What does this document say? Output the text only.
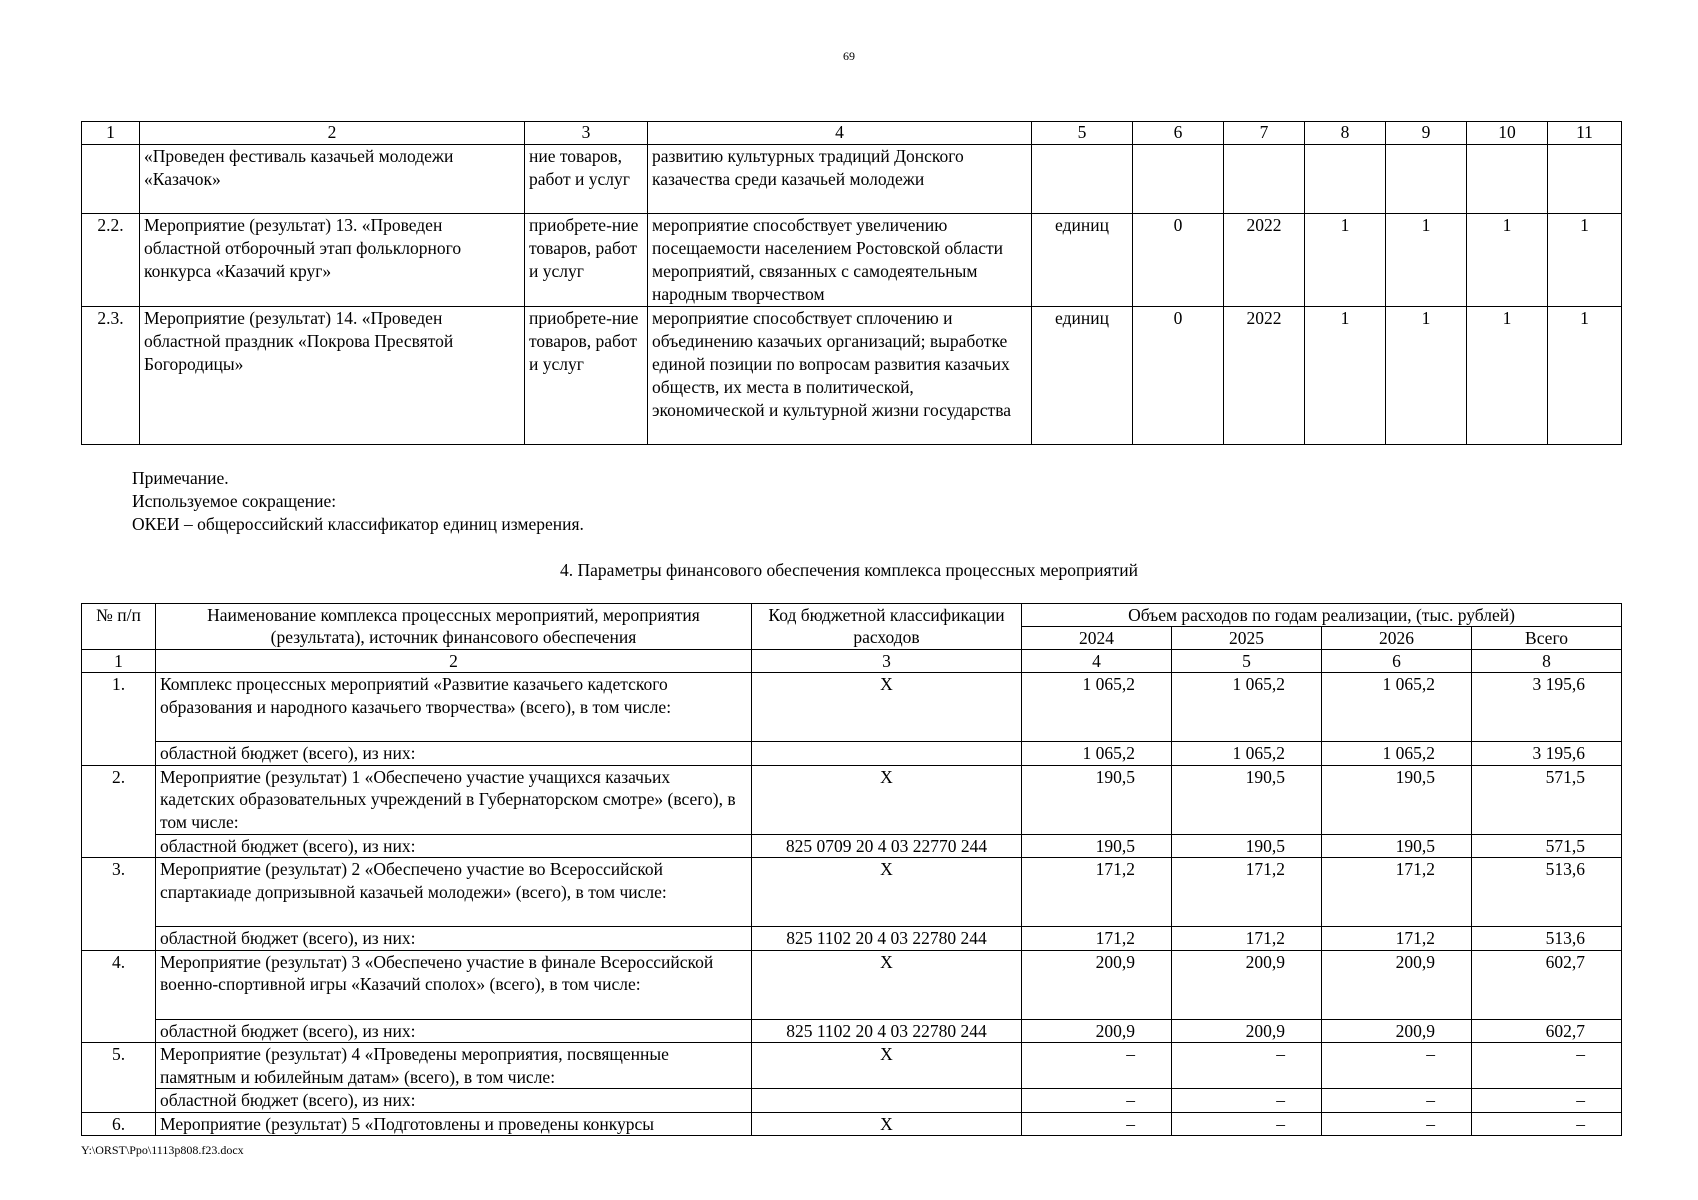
69
1	2	3	4	5	6	7	8	9	10	11
	«Проведен фестиваль казачьей молодежи «Казачок»	ние товаров, работ и услуг	развитию культурных традиций Донского казачества среди казачьей молодежи							
2.2.	Мероприятие (результат) 13. «Проведен областной отборочный этап фольклорного конкурса «Казачий круг»	приобрете-ние товаров, работ и услуг	мероприятие способствует увеличению посещаемости населением Ростовской области мероприятий, связанных с самодеятельным народным творчеством	единиц	0	2022	1	1	1	1
2.3.	Мероприятие (результат) 14. «Проведен областной праздник «Покрова Пресвятой Богородицы»	приобрете-ние товаров, работ и услуг	мероприятие способствует сплочению и объединению казачьих организаций; выработке единой позиции по вопросам развития казачьих обществ, их места в политической, экономической и культурной жизни государства	единиц	0	2022	1	1	1	1
Примечание.
Используемое сокращение:
ОКЕИ – общероссийский классификатор единиц измерения.
4. Параметры финансового обеспечения комплекса процессных мероприятий
№ п/п	Наименование комплекса процессных мероприятий, мероприятия (результата), источник финансового обеспечения	Код бюджетной классификации расходов	Объем расходов по годам реализации, (тыс. рублей)			
			2024	2025	2026	Всего
1	2	3	4	5	6	8
1.	Комплекс процессных мероприятий «Развитие казачьего кадетского образования и народного казачьего творчества» (всего), в том числе:	X	1 065,2	1 065,2	1 065,2	3 195,6
	областной бюджет (всего), из них:		1 065,2	1 065,2	1 065,2	3 195,6
2.	Мероприятие (результат) 1 «Обеспечено участие учащихся казачьих кадетских образовательных учреждений в Губернаторском смотре» (всего), в том числе:	X	190,5	190,5	190,5	571,5
	областной бюджет (всего), из них:	825 0709 20 4 03 22770 244	190,5	190,5	190,5	571,5
3.	Мероприятие (результат) 2 «Обеспечено участие во Всероссийской спартакиаде допризывной казачьей молодежи» (всего), в том числе:	X	171,2	171,2	171,2	513,6
	областной бюджет (всего), из них:	825 1102 20 4 03 22780 244	171,2	171,2	171,2	513,6
4.	Мероприятие (результат) 3 «Обеспечено участие в финале Всероссийской военно-спортивной игры «Казачий сполох» (всего), в том числе:	X	200,9	200,9	200,9	602,7
	областной бюджет (всего), из них:	825 1102 20 4 03 22780 244	200,9	200,9	200,9	602,7
5.	Мероприятие (результат) 4 «Проведены мероприятия, посвященные памятным и юбилейным датам» (всего), в том числе:	X	–	–	–	–
	областной бюджет (всего), из них:		–	–	–	–
6.	Мероприятие (результат) 5 «Подготовлены и проведены конкурсы	X	–	–	–	–
Y:\ORST\Ppo\1113p808.f23.docx
